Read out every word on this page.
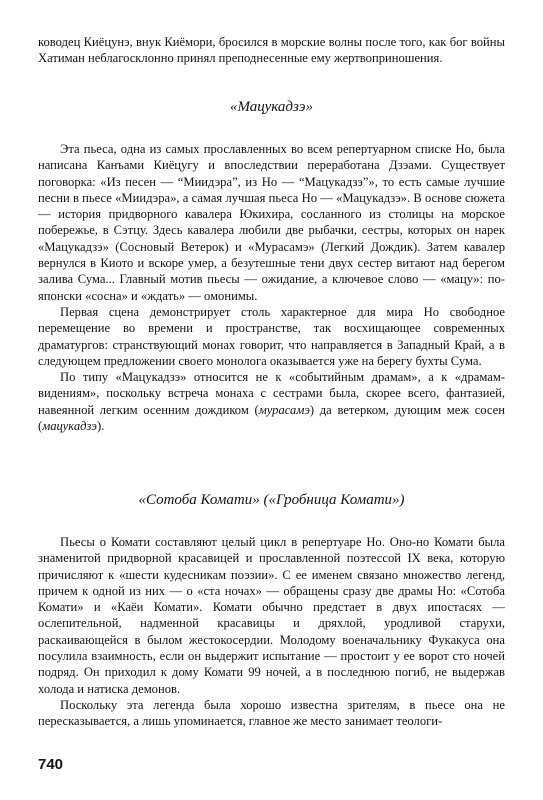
ководец Киёцунэ, внук Киёмори, бросился в морские волны после того, как бог войны Хатиман неблагосклонно принял преподнесенные ему жертвоприношения.

«Мацукадзэ»

Эта пьеса, одна из самых прославленных во всем репертуарном списке Но, была написана Канъами Киёцугу и впоследствии переработана Дзэами. Существует поговорка: «Из песен — “Миидэра”, из Но — “Мацукадзэ”», то есть самые лучшие песни в пьесе «Миидэра», а самая лучшая пьеса Но — «Мацукадзэ». В основе сюжета — история придворного кавалера Юкихира, сосланного из столицы на морское побережье, в Сэтцу. Здесь кавалера любили две рыбачки, сестры, которых он нарек «Мацукадзэ» (Сосновый Ветерок) и «Мурасамэ» (Легкий Дождик). Затем кавалер вернулся в Киото и вскоре умер, а безутешные тени двух сестер витают над берегом залива Сума... Главный мотив пьесы — ожидание, а ключевое слово — «мацу»: по-японски «сосна» и «ждать» — омонимы.

Первая сцена демонстрирует столь характерное для мира Но свободное перемещение во времени и пространстве, так восхищающее современных драматургов: странствующий монах говорит, что направляется в Западный Край, а в следующем предложении своего монолога оказывается уже на берегу бухты Сума.

По типу «Мацукадзэ» относится не к «событийным драмам», а к «драмам-видениям», поскольку встреча монаха с сестрами была, скорее всего, фантазией, навеянной легким осенним дождиком (мурасамэ) да ветерком, дующим меж сосен (мацукадзэ).

«Сотоба Комати» («Гробница Комати»)

Пьесы о Комати составляют целый цикл в репертуаре Но. Оно-но Комати была знаменитой придворной красавицей и прославленной поэтессой IX века, которую причисляют к «шести кудесникам поэзии». С ее именем связано множество легенд, причем к одной из них — о «ста ночах» — обращены сразу две драмы Но: «Сотоба Комати» и «Каёи Комати». Комати обычно предстает в двух ипостасях — ослепительной, надменной красавицы и дряхлой, уродливой старухи, раскаивающейся в былом жестокосердии. Молодому военачальнику Фукакуса она посулила взаимность, если он выдержит испытание — простоит у ее ворот сто ночей подряд. Он приходил к дому Комати 99 ночей, а в последнюю погиб, не выдержав холода и натиска демонов.

Поскольку эта легенда была хорошо известна зрителям, в пьесе она не пересказывается, а лишь упоминается, главное же место занимает теологи-

740
